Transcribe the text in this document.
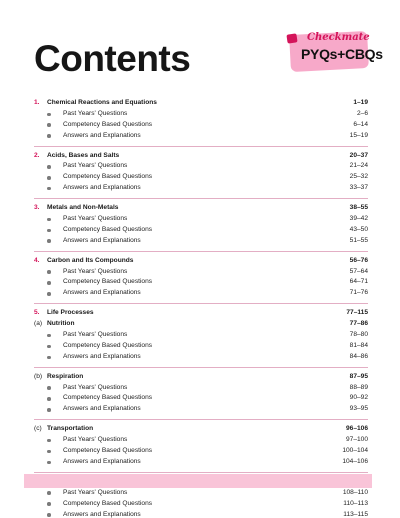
Contents
Checkmate
PYQs+CBQs
1.	Chemical Reactions and Equations	1–19
Past Years' Questions	2–6
Competency Based Questions	6–14
Answers and Explanations	15–19
2.	Acids, Bases and Salts	20–37
Past Years' Questions	21–24
Competency Based Questions	25–32
Answers and Explanations	33–37
3.	Metals and Non-Metals	38–55
Past Years' Questions	39–42
Competency Based Questions	43–50
Answers and Explanations	51–55
4.	Carbon and Its Compounds	56–76
Past Years' Questions	57–64
Competency Based Questions	64–71
Answers and Explanations	71–76
5.	Life Processes	77–115
(a) Nutrition	77–86
Past Years' Questions	78–80
Competency Based Questions	81–84
Answers and Explanations	84–86
(b) Respiration	87–95
Past Years' Questions	88–89
Competency Based Questions	90–92
Answers and Explanations	93–95
(c) Transportation	96–106
Past Years' Questions	97–100
Competency Based Questions	100–104
Answers and Explanations	104–106
Past Years' Questions	108–110
Competency Based Questions	110–113
Answers and Explanations	113–115
